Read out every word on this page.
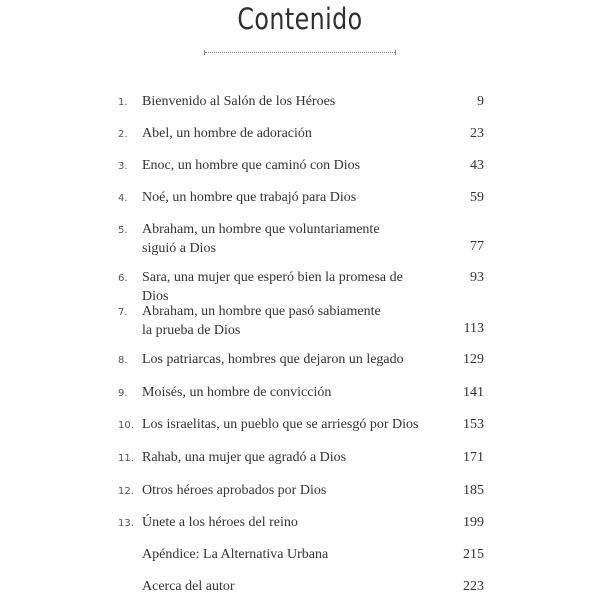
Contenido
1. Bienvenido al Salón de los Héroes	9
2. Abel, un hombre de adoración	23
3. Enoc, un hombre que caminó con Dios	43
4. Noé, un hombre que trabajó para Dios	59
5. Abraham, un hombre que voluntariamente
siguió a Dios	77
6. Sara, una mujer que esperó bien la promesa de Dios
93
7. Abraham, un hombre que pasó sabiamente
la prueba de Dios	113
8. Los patriarcas, hombres que dejaron un legado	129
9. Moisés, un hombre de convicción	141
10. Los israelitas, un pueblo que se arriesgó por Dios	153
11. Rahab, una mujer que agradó a Dios	171
12. Otros héroes aprobados por Dios	185
13. Únete a los héroes del reino	199
Apéndice: La Alternativa Urbana	215
Acerca del autor	223
